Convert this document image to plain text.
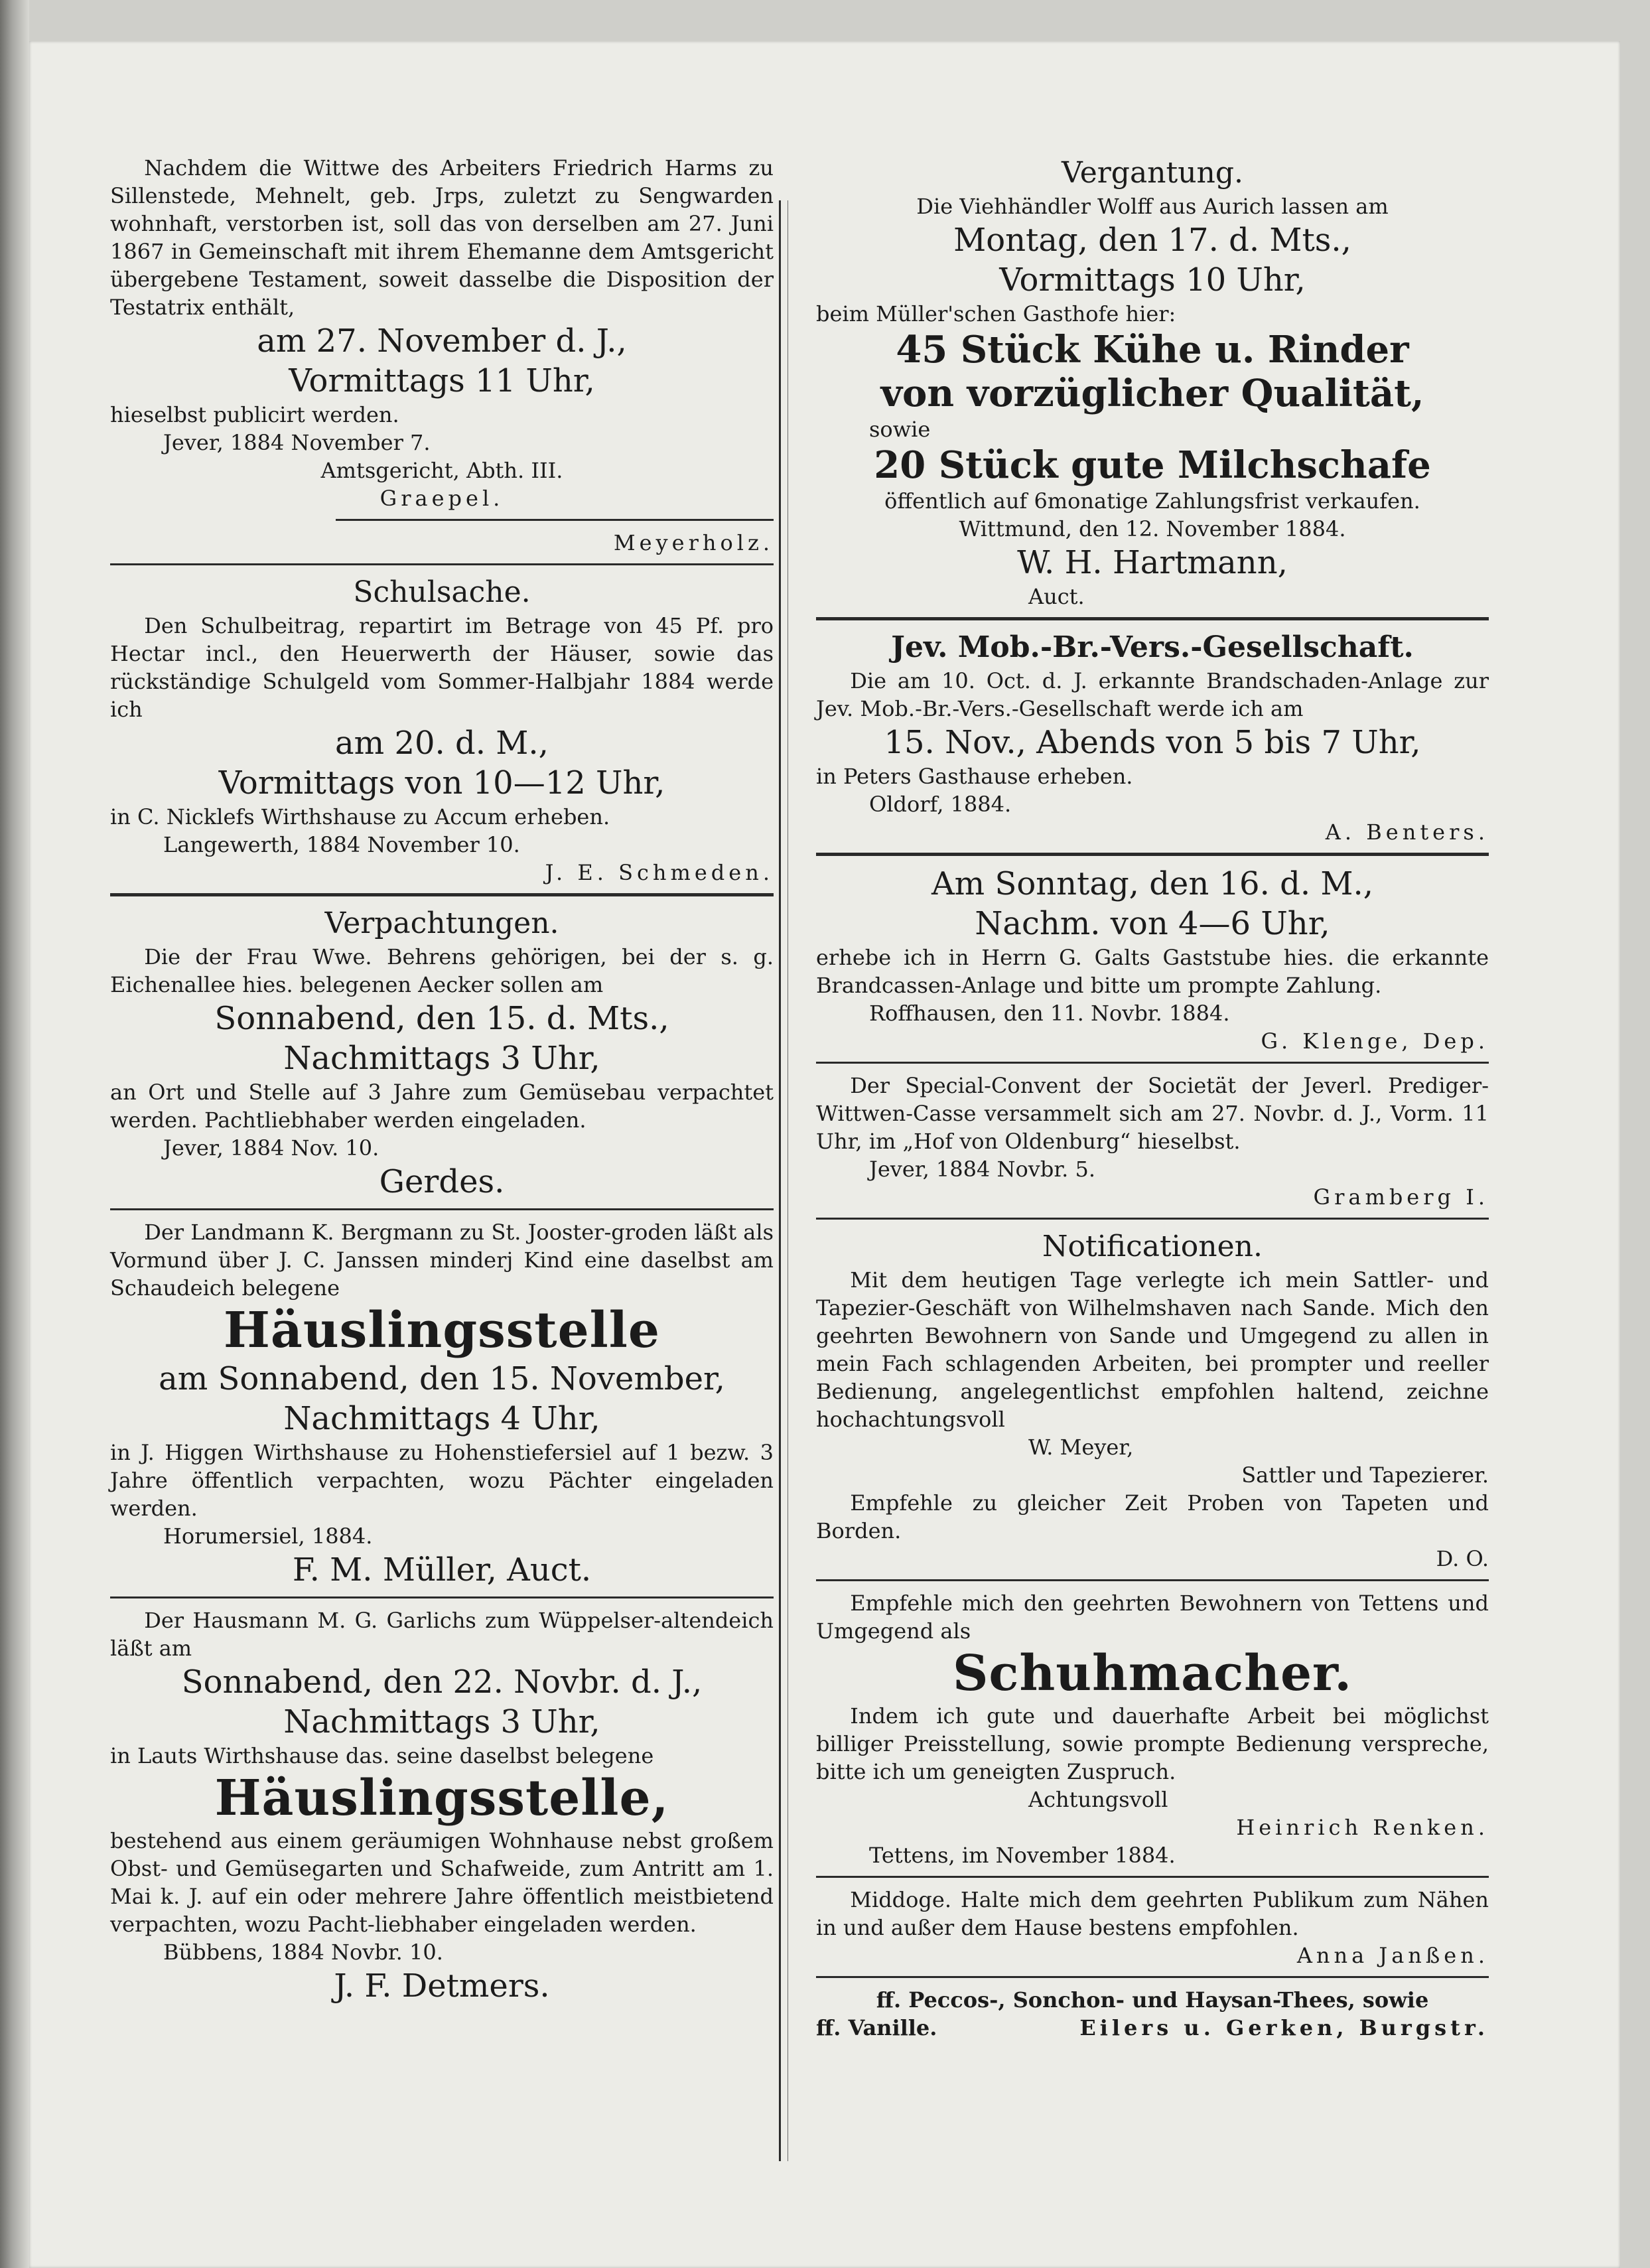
Nachdem die Wittwe des Arbeiters Friedrich Harms zu Sillenstede, Mehnelt, geb. Jrps, zuletzt zu Sengwarden wohnhaft, verstorben ist, soll das von derselben am 27. Juni 1867 in Gemeinschaft mit ihrem Ehemanne dem Amtsgericht übergebene Testament, soweit dasselbe die Disposition der Testatrix enthält,

am 27. November d. J.,

Vormittags 11 Uhr,

hieselbst publicirt werden.

Jever, 1884 November 7.

Amtsgericht, Abth. III.

Graepel.

Meyerholz.

Schulsache.

Den Schulbeitrag, repartirt im Betrage von 45 Pf. pro Hectar incl., den Heuerwerth der Häuser, sowie das rückständige Schulgeld vom Sommer-Halbjahr 1884 werde ich

am 20. d. M.,

Vormittags von 10—12 Uhr,

in C. Nicklefs Wirthshause zu Accum erheben.

Langewerth, 1884 November 10.

J. E. Schmeden.

Verpachtungen.

Die der Frau Wwe. Behrens gehörigen, bei der s. g. Eichenallee hies. belegenen Aecker sollen am

Sonnabend, den 15. d. Mts.,

Nachmittags 3 Uhr,

an Ort und Stelle auf 3 Jahre zum Gemüsebau verpachtet werden. Pachtliebhaber werden eingeladen.

Jever, 1884 Nov. 10.

Gerdes.

Der Landmann K. Bergmann zu St. Jooster-groden läßt als Vormund über J. C. Janssen minderj Kind eine daselbst am Schaudeich belegene

Häuslingsstelle

am Sonnabend, den 15. November,

Nachmittags 4 Uhr,

in J. Higgen Wirthshause zu Hohenstiefersiel auf 1 bezw. 3 Jahre öffentlich verpachten, wozu Pächter eingeladen werden.

Horumersiel, 1884.

F. M. Müller, Auct.

Der Hausmann M. G. Garlichs zum Wüppelser-altendeich läßt am

Sonnabend, den 22. Novbr. d. J.,

Nachmittags 3 Uhr,

in Lauts Wirthshause das. seine daselbst belegene

Häuslingsstelle,

bestehend aus einem geräumigen Wohnhause nebst großem Obst- und Gemüsegarten und Schafweide, zum Antritt am 1. Mai k. J. auf ein oder mehrere Jahre öffentlich meistbietend verpachten, wozu Pacht-liebhaber eingeladen werden.

Bübbens, 1884 Novbr. 10.

J. F. Detmers.

Vergantung.

Die Viehhändler Wolff aus Aurich lassen am

Montag, den 17. d. Mts.,

Vormittags 10 Uhr,

beim Müller'schen Gasthofe hier:

45 Stück Kühe u. Rinder

von vorzüglicher Qualität,

sowie

20 Stück gute Milchschafe

öffentlich auf 6monatige Zahlungsfrist verkaufen.

Wittmund, den 12. November 1884.

W. H. Hartmann,

Auct.

Jev. Mob.-Br.-Vers.-Gesellschaft.

Die am 10. Oct. d. J. erkannte Brandschaden-Anlage zur Jev. Mob.-Br.-Vers.-Gesellschaft werde ich am

15. Nov., Abends von 5 bis 7 Uhr,

in Peters Gasthause erheben.

Oldorf, 1884.

A. Benters.

Am Sonntag, den 16. d. M.,

Nachm. von 4—6 Uhr,

erhebe ich in Herrn G. Galts Gaststube hies. die erkannte Brandcassen-Anlage und bitte um prompte Zahlung.

Roffhausen, den 11. Novbr. 1884.

G. Klenge, Dep.

Der Special-Convent der Societät der Jeverl. Prediger-Wittwen-Casse versammelt sich am 27. Novbr. d. J., Vorm. 11 Uhr, im „Hof von Oldenburg“ hieselbst.

Jever, 1884 Novbr. 5.

Gramberg I.

Notificationen.

Mit dem heutigen Tage verlegte ich mein Sattler- und Tapezier-Geschäft von Wilhelmshaven nach Sande. Mich den geehrten Bewohnern von Sande und Umgegend zu allen in mein Fach schlagenden Arbeiten, bei prompter und reeller Bedienung, angelegentlichst empfohlen haltend, zeichne hochachtungsvoll

W. Meyer,

Sattler und Tapezierer.

Empfehle zu gleicher Zeit Proben von Tapeten und Borden.

D. O.

Empfehle mich den geehrten Bewohnern von Tettens und Umgegend als

Schuhmacher.

Indem ich gute und dauerhafte Arbeit bei möglichst billiger Preisstellung, sowie prompte Bedienung verspreche, bitte ich um geneigten Zuspruch.

Achtungsvoll

Heinrich Renken.

Tettens, im November 1884.

Middoge. Halte mich dem geehrten Publikum zum Nähen in und außer dem Hause bestens empfohlen.

Anna Janßen.

ff. Peccos-, Sonchon- und Haysan-Thees, sowie

ff. Vanille.	Eilers u. Gerken, Burgstr.
